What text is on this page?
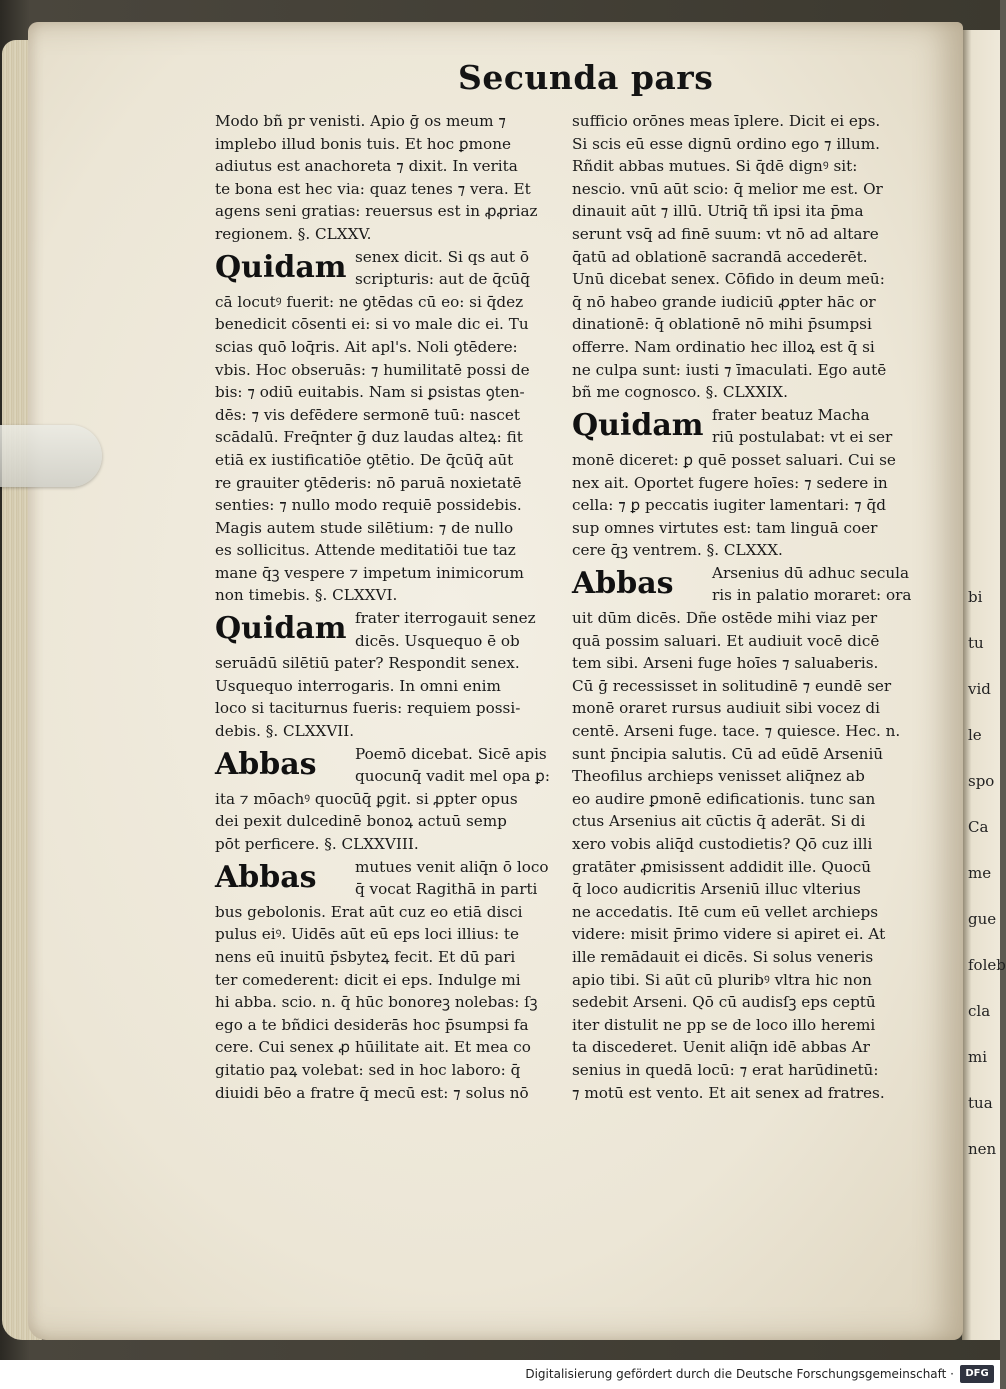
bi
tu
vid
le
spo
Ca
me
gue
foleb
cla
mi
tua
nen
Secunda pars
Modo bñ pr venisti. Apio ḡ os meum ⁊
implebo illud bonis tuis. Et hoc ꝑmone
adiutus est anachoreta ⁊ dixit. In verita
te bona est hec via: quaz tenes ⁊ vera. Et
agens seni gratias: reuersus est in ꝓꝓriaz
regionem. §. CLXXV.
Quidam senex dicit. Si qs aut ō
scripturis: aut de q̄cūq̄
cā locutꝰ fuerit: ne ꝯtēdas cū eo: si q̄dez
benedicit cōsenti ei: si vo male dic ei. Tu
scias quō loq̄ris. Ait apl's. Noli ꝯtēdere:
vbis. Hoc obseruās: ⁊ humilitatē possi de
bis: ⁊ odiū euitabis. Nam si ꝑsistas ꝯten-
dēs: ⁊ vis defēdere sermonē tuū: nascet
scādalū. Freq̄nter ḡ duz laudas alteꝝ: fit
etiā ex iustificatiōe ꝯtētio. De q̄cūq̄ aūt
re grauiter ꝯtēderis: nō paruā noxietatē
senties: ⁊ nullo modo requiē possidebis.
Magis autem stude silētium: ⁊ de nullo
es sollicitus. Attende meditatiōi tue taz
mane q̄ꝫ vespere ⁊ impetum inimicorum
non timebis. §. CLXXVI.
Quidam frater iterrogauit senez
dicēs. Usquequo ē ob
seruādū silētiū pater? Respondit senex.
Usquequo interrogaris. In omni enim
loco si taciturnus fueris: requiem possi-
debis. §. CLXXVII.
Abbas	Poemō dicebat. Sicē apis
quocunq̄ vadit mel opa ꝑ:
ita ⁊ mōachꝰ quocūq̄ ꝑgit. si ꝓpter opus
dei pexit dulcedinē bonoꝝ actuū semp
pōt perficere. §. CLXXVIII.
Abbas	mutues venit aliq̄n ō loco
q̄ vocat Ragithā in parti
bus gebolonis. Erat aūt cuz eo etiā disci
pulus eiꝰ. Uidēs aūt eū eps loci illius: te
nens eū inuitū p̄sbyteꝝ fecit. Et dū pari
ter comederent: dicit ei eps. Indulge mi
hi abba. scio. n. q̄ hūc bonoreꝫ nolebas: ſꝫ
ego a te bñdici desiderās hoc p̄sumpsi fa
cere. Cui senex ꝓ hūilitate ait. Et mea co
gitatio paꝝ volebat: sed in hoc laboro: q̄
diuidi bēo a fratre q̄ mecū est: ⁊ solus nō
sufficio orōnes meas īplere. Dicit ei eps.
Si scis eū esse dignū ordino ego ⁊ illum.
Rñdit abbas mutues. Si q̄dē dignꝰ sit:
nescio. vnū aūt scio: q̄ melior me est. Or
dinauit aūt ⁊ illū. Utriq̄ tñ ipsi ita p̄ma
serunt vsq̄ ad finē suum: vt nō ad altare
q̄atū ad oblationē sacrandā accederēt.
Unū dicebat senex. Cōfido in deum meū:
q̄ nō habeo grande iudiciū ꝓpter hāc or
dinationē: q̄ oblationē nō mihi p̄sumpsi
offerre. Nam ordinatio hec illoꝝ est q̄ si
ne culpa sunt: iusti ⁊ īmaculati. Ego autē
bñ me cognosco. §. CLXXIX.
Quidam frater beatuz Macha
riū postulabat: vt ei ser
monē diceret: ꝑ quē posset saluari. Cui se
nex ait. Oportet fugere hoīes: ⁊ sedere in
cella: ⁊ ꝑ peccatis iugiter lamentari: ⁊ q̄d
sup omnes virtutes est: tam linguā coer
cere q̄ꝫ ventrem. §. CLXXX.
Abbas	Arsenius dū adhuc secula
ris in palatio moraret: ora
uit dūm dicēs. Dñe ostēde mihi viaz per
quā possim saluari. Et audiuit vocē dicē
tem sibi. Arseni fuge hoīes ⁊ saluaberis.
Cū ḡ recessisset in solitudinē ⁊ eundē ser
monē oraret rursus audiuit sibi vocez di
centē. Arseni fuge. tace. ⁊ quiesce. Hec. n.
sunt p̄ncipia salutis. Cū ad eūdē Arseniū
Theofilus archieps venisset aliq̄nez ab
eo audire ꝑmonē edificationis. tunc san
ctus Arsenius ait cūctis q̄ aderāt. Si di
xero vobis aliq̄d custodietis? Qō cuz illi
gratāter ꝓmisissent addidit ille. Quocū
q̄ loco audicritis Arseniū illuc vlterius
ne accedatis. Itē cum eū vellet archieps
videre: misit p̄rimo videre si apiret ei. At
ille remādauit ei dicēs. Si solus veneris
apio tibi. Si aūt cū pluribꝰ vltra hic non
sedebit Arseni. Qō cū audisſꝫ eps ceptū
iter distulit ne pp se de loco illo heremi
ta discederet. Uenit aliq̄n idē abbas Ar
senius in quedā locū: ⁊ erat harūdinetū:
⁊ motū est vento. Et ait senex ad fratres.
Digitalisierung gefördert durch die Deutsche Forschungsgemeinschaft ·	DFG
